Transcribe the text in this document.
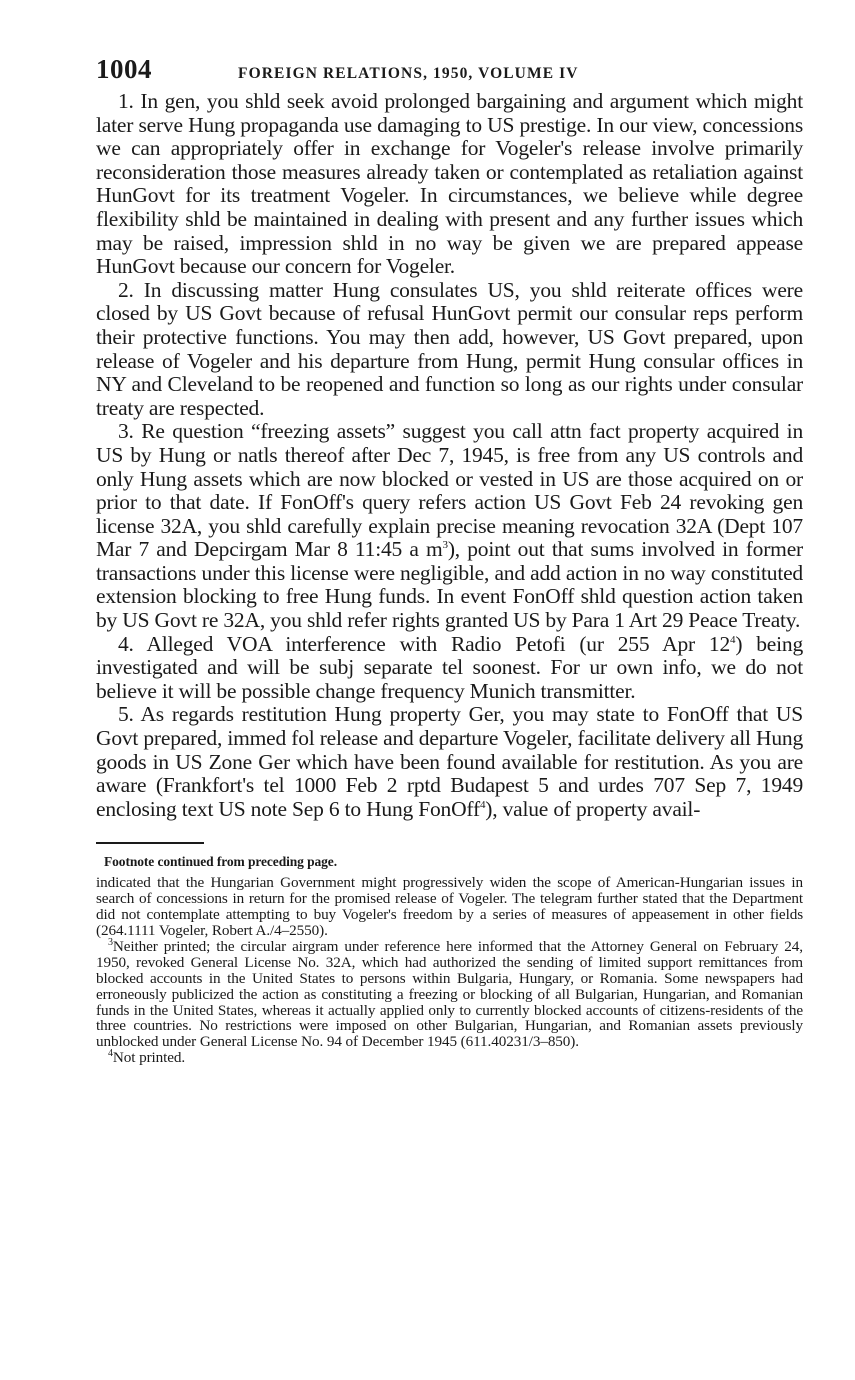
1004	FOREIGN RELATIONS, 1950, VOLUME IV

1. In gen, you shld seek avoid prolonged bargaining and argument which might later serve Hung propaganda use damaging to US prestige. In our view, concessions we can appropriately offer in exchange for Vogeler's release involve primarily reconsideration those measures already taken or contemplated as retaliation against HunGovt for its treatment Vogeler. In circumstances, we believe while degree flexibility shld be maintained in dealing with present and any further issues which may be raised, impression shld in no way be given we are prepared appease HunGovt because our concern for Vogeler.

2. In discussing matter Hung consulates US, you shld reiterate offices were closed by US Govt because of refusal HunGovt permit our consular reps perform their protective functions. You may then add, however, US Govt prepared, upon release of Vogeler and his departure from Hung, permit Hung consular offices in NY and Cleveland to be reopened and function so long as our rights under consular treaty are respected.

3. Re question “freezing assets” suggest you call attn fact property acquired in US by Hung or natls thereof after Dec 7, 1945, is free from any US controls and only Hung assets which are now blocked or vested in US are those acquired on or prior to that date. If FonOff's query refers action US Govt Feb 24 revoking gen license 32A, you shld carefully explain precise meaning revocation 32A (Dept 107 Mar 7 and Depcirgam Mar 8 11:45 a $m^3$), point out that sums involved in former transactions under this license were negligible, and add action in no way constituted extension blocking to free Hung funds. In event FonOff shld question action taken by US Govt re 32A, you shld refer rights granted US by Para 1 Art 29 Peace Treaty.

4. Alleged VOA interference with Radio Petofi (ur 255 Apr $12^4$) being investigated and will be subj separate tel soonest. For ur own info, we do not believe it will be possible change frequency Munich transmitter.

5. As regards restitution Hung property Ger, you may state to FonOff that US Govt prepared, immed fol release and departure Vogeler, facilitate delivery all Hung goods in US Zone Ger which have been found available for restitution. As you are aware (Frankfort's tel 1000 Feb 2 rptd Budapest 5 and urdes 707 Sep 7, 1949 enclosing text US note Sep 6 to Hung FonOff$^4$), value of property avail-

Footnote continued from preceding page.

indicated that the Hungarian Government might progressively widen the scope of American-Hungarian issues in search of concessions in return for the promised release of Vogeler. The telegram further stated that the Department did not contemplate attempting to buy Vogeler's freedom by a series of measures of appeasement in other fields (264.1111 Vogeler, Robert A./4–2550).

$^3$Neither printed; the circular airgram under reference here informed that the Attorney General on February 24, 1950, revoked General License No. 32A, which had authorized the sending of limited support remittances from blocked accounts in the United States to persons within Bulgaria, Hungary, or Romania. Some newspapers had erroneously publicized the action as constituting a freezing or blocking of all Bulgarian, Hungarian, and Romanian funds in the United States, whereas it actually applied only to currently blocked accounts of citizens-residents of the three countries. No restrictions were imposed on other Bulgarian, Hungarian, and Romanian assets previously unblocked under General License No. 94 of December 1945 (611.40231/3–850).

$^4$Not printed.
